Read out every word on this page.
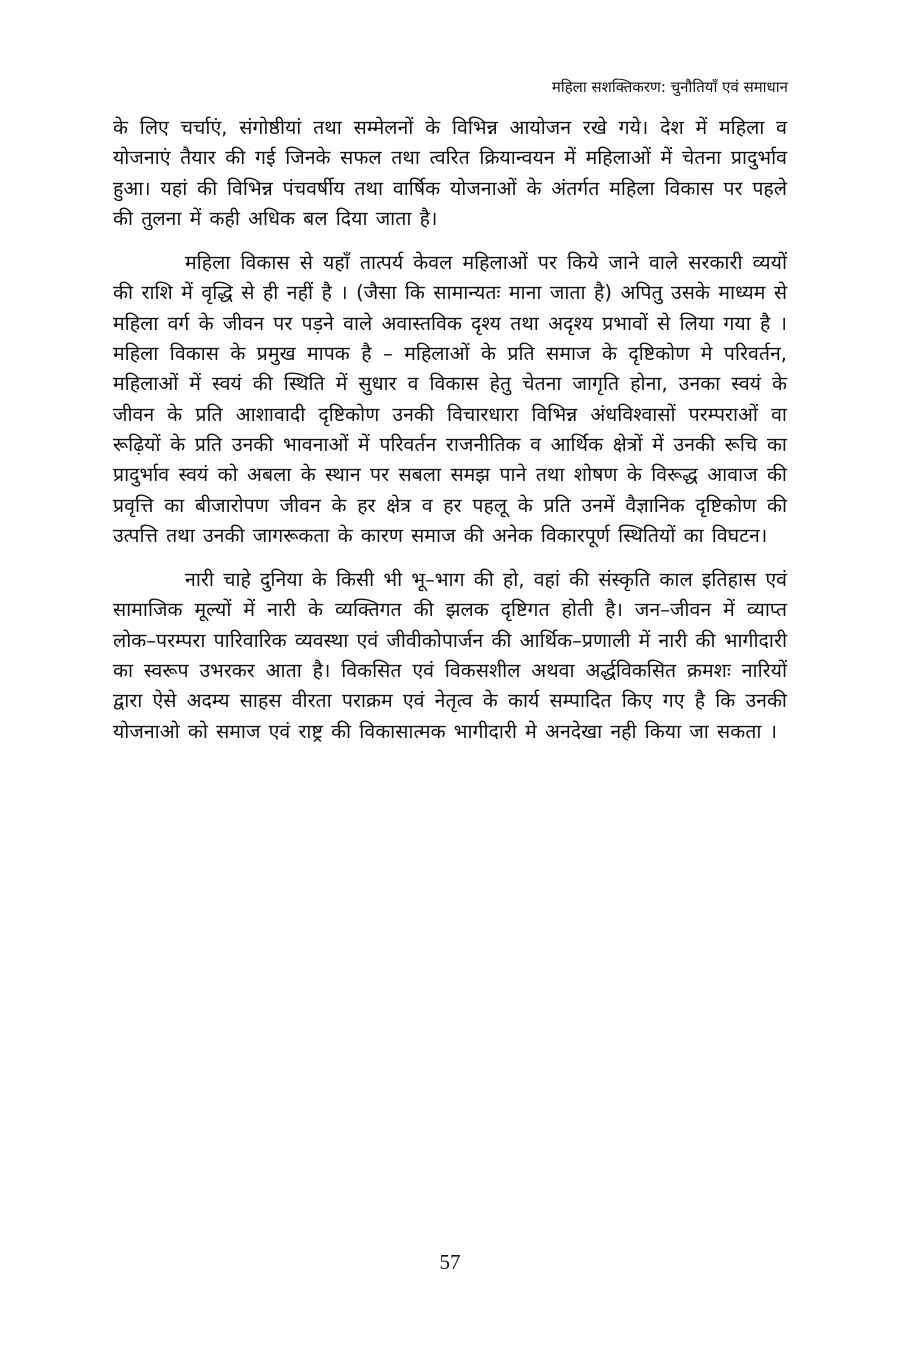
महिला सशक्तिकरण: चुनौतियाँ एवं समाधान

के लिए चर्चाएं, संगोष्ठीयां तथा सम्मेलनों के विभिन्न आयोजन रखे गये। देश में महिला व योजनाएं तैयार की गई जिनके सफल तथा त्वरित क्रियान्वयन में महिलाओं में चेतना प्रादुर्भाव हुआ। यहां की विभिन्न पंचवर्षीय तथा वार्षिक योजनाओं के अंतर्गत महिला विकास पर पहले की तुलना में कही अधिक बल दिया जाता है।

महिला विकास से यहाँ तात्पर्य केवल महिलाओं पर किये जाने वाले सरकारी व्ययों की राशि में वृद्धि से ही नहीं है । (जैसा कि सामान्यतः माना जाता है) अपितु उसके माध्यम से महिला वर्ग के जीवन पर पड़ने वाले अवास्तविक दृश्य तथा अदृश्य प्रभावों से लिया गया है । महिला विकास के प्रमुख मापक है – महिलाओं के प्रति समाज के दृष्टिकोण मे परिवर्तन, महिलाओं में स्वयं की स्थिति में सुधार व विकास हेतु चेतना जागृति होना, उनका स्वयं के जीवन के प्रति आशावादी दृष्टिकोण उनकी विचारधारा विभिन्न अंधविश्वासों परम्पराओं वा रूढ़ियों के प्रति उनकी भावनाओं में परिवर्तन राजनीतिक व आर्थिक क्षेत्रों में उनकी रूचि का प्रादुर्भाव स्वयं को अबला के स्थान पर सबला समझ पाने तथा शोषण के विरूद्ध आवाज की प्रवृत्ति का बीजारोपण जीवन के हर क्षेत्र व हर पहलू के प्रति उनमें वैज्ञानिक दृष्टिकोण की उत्पत्ति तथा उनकी जागरूकता के कारण समाज की अनेक विकारपूर्ण स्थितियों का विघटन।

नारी चाहे दुनिया के किसी भी भू–भाग की हो, वहां की संस्कृति काल इतिहास एवं सामाजिक मूल्यों में नारी के व्यक्तिगत की झलक दृष्टिगत होती है। जन–जीवन में व्याप्त लोक–परम्परा पारिवारिक व्यवस्था एवं जीवीकोपार्जन की आर्थिक–प्रणाली में नारी की भागीदारी का स्वरूप उभरकर आता है। विकसित एवं विकसशील अथवा अर्द्धविकसित क्रमशः नारियों द्वारा ऐसे अदम्य साहस वीरता पराक्रम एवं नेतृत्व के कार्य सम्पादित किए गए है कि उनकी योजनाओ को समाज एवं राष्ट्र की विकासात्मक भागीदारी मे अनदेखा नही किया जा सकता ।

57
